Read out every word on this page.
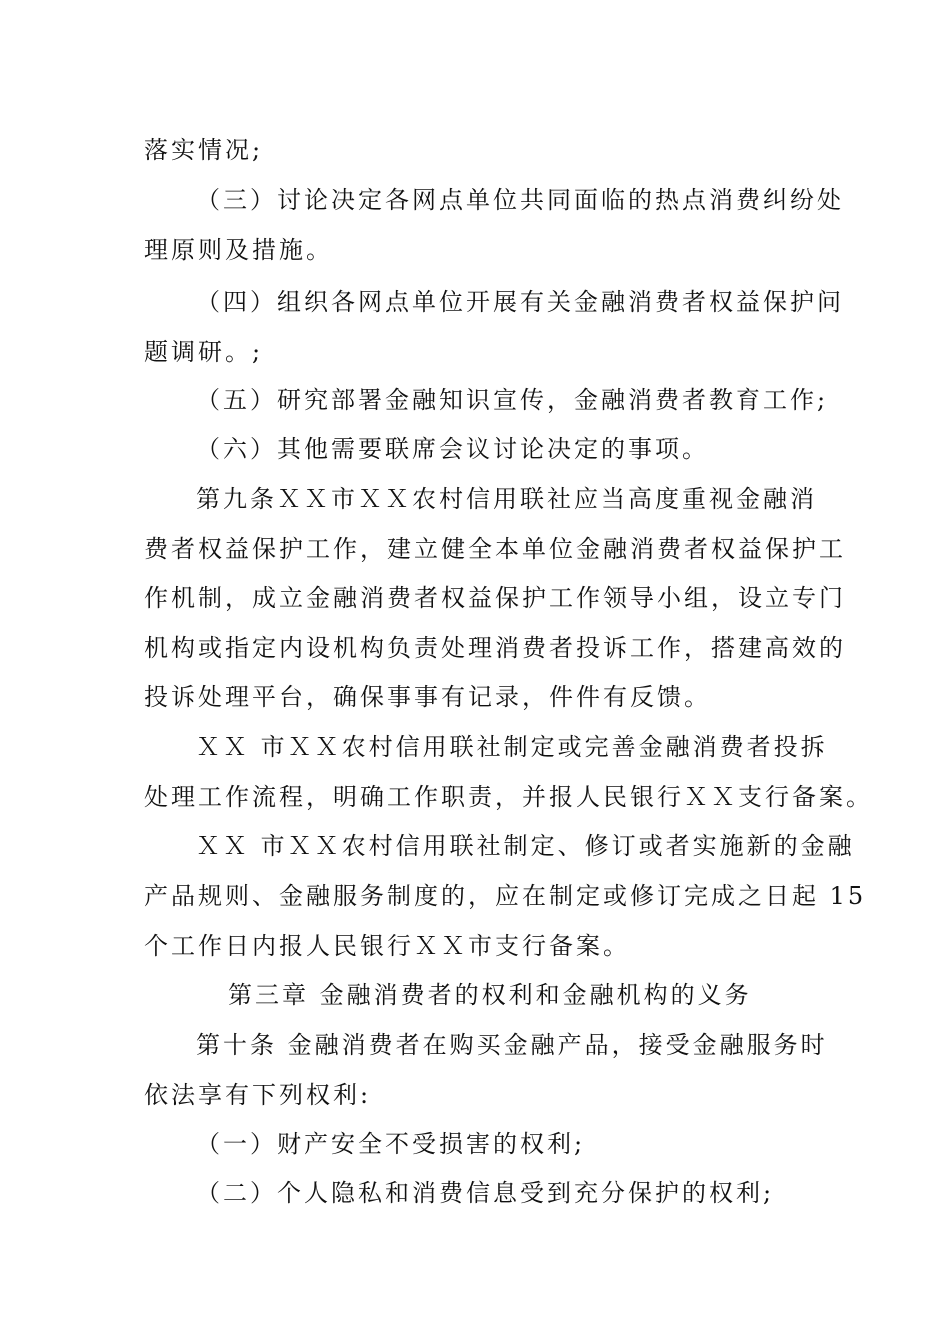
落实情况;
（三）讨论决定各网点单位共同面临的热点消费纠纷处
理原则及措施。
（四）组织各网点单位开展有关金融消费者权益保护问
题调研。;
（五）研究部署金融知识宣传，金融消费者教育工作;
（六）其他需要联席会议讨论决定的事项。
第九条ＸＸ市ＸＸ农村信用联社应当高度重视金融消
费者权益保护工作，建立健全本单位金融消费者权益保护工
作机制，成立金融消费者权益保护工作领导小组，设立专门
机构或指定内设机构负责处理消费者投诉工作，搭建高效的
投诉处理平台，确保事事有记录，件件有反馈。
ＸＸ 市ＸＸ农村信用联社制定或完善金融消费者投拆
处理工作流程，明确工作职责，并报人民银行ＸＸ支行备案。
ＸＸ 市ＸＸ农村信用联社制定、修订或者实施新的金融
产品规则、金融服务制度的，应在制定或修订完成之日起 15
个工作日内报人民银行ＸＸ市支行备案。
第三章 金融消费者的权利和金融机构的义务
第十条 金融消费者在购买金融产品，接受金融服务时
依法享有下列权利:
（一）财产安全不受损害的权利;
（二）个人隐私和消费信息受到充分保护的权利;
